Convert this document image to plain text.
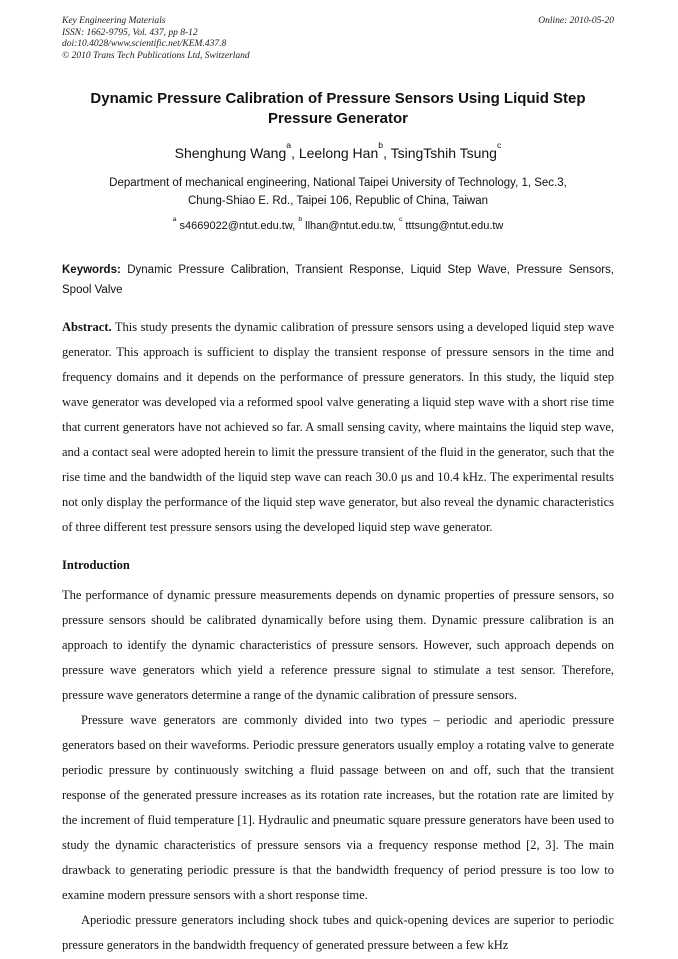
Key Engineering Materials
ISSN: 1662-9795, Vol. 437, pp 8-12
doi:10.4028/www.scientific.net/KEM.437.8
© 2010 Trans Tech Publications Ltd, Switzerland
Online: 2010-05-20
Dynamic Pressure Calibration of Pressure Sensors Using Liquid Step Pressure Generator
Shenghung Wang$^a$, Leelong Han$^b$, TsingTshih Tsung$^c$
Department of mechanical engineering, National Taipei University of Technology, 1, Sec.3,
Chung-Shiao E. Rd., Taipei 106, Republic of China, Taiwan
$^a$ s4669022@ntut.edu.tw, $^b$ llhan@ntut.edu.tw, $^c$ tttsung@ntut.edu.tw

Keywords: Dynamic Pressure Calibration, Transient Response, Liquid Step Wave, Pressure Sensors, Spool Valve

Abstract. This study presents the dynamic calibration of pressure sensors using a developed liquid step wave generator. This approach is sufficient to display the transient response of pressure sensors in the time and frequency domains and it depends on the performance of pressure generators. In this study, the liquid step wave generator was developed via a reformed spool valve generating a liquid step wave with a short rise time that current generators have not achieved so far. A small sensing cavity, where maintains the liquid step wave, and a contact seal were adopted herein to limit the pressure transient of the fluid in the generator, such that the rise time and the bandwidth of the liquid step wave can reach 30.0 μs and 10.4 kHz. The experimental results not only display the performance of the liquid step wave generator, but also reveal the dynamic characteristics of three different test pressure sensors using the developed liquid step wave generator.

Introduction

The performance of dynamic pressure measurements depends on dynamic properties of pressure sensors, so pressure sensors should be calibrated dynamically before using them. Dynamic pressure calibration is an approach to identify the dynamic characteristics of pressure sensors. However, such approach depends on pressure wave generators which yield a reference pressure signal to stimulate a test sensor. Therefore, pressure wave generators determine a range of the dynamic calibration of pressure sensors.

Pressure wave generators are commonly divided into two types – periodic and aperiodic pressure generators based on their waveforms. Periodic pressure generators usually employ a rotating valve to generate periodic pressure by continuously switching a fluid passage between on and off, such that the transient response of the generated pressure increases as its rotation rate increases, but the rotation rate are limited by the increment of fluid temperature [1]. Hydraulic and pneumatic square pressure generators have been used to study the dynamic characteristics of pressure sensors via a frequency response method [2, 3]. The main drawback to generating periodic pressure is that the bandwidth frequency of period pressure is too low to examine modern pressure sensors with a short response time.

Aperiodic pressure generators including shock tubes and quick-opening devices are superior to periodic pressure generators in the bandwidth frequency of generated pressure between a few kHz
